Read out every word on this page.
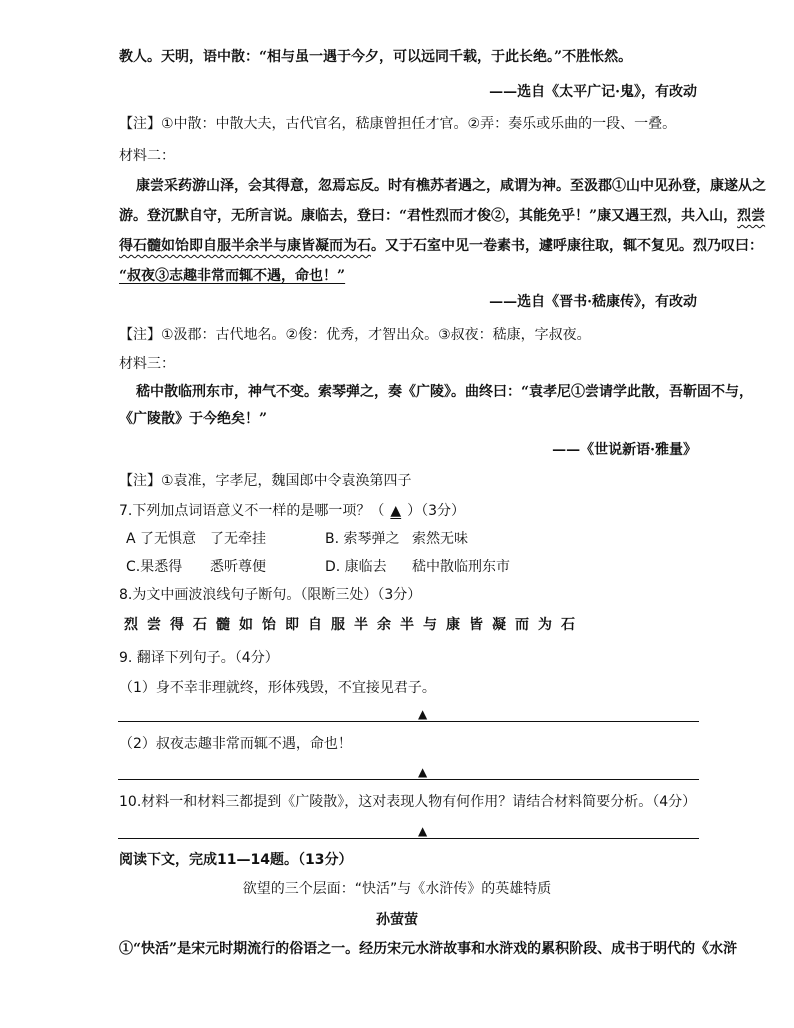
教人。天明，语中散：“相与虽一遇于今夕，可以远同千载，于此长绝。”不胜怅然。
——选自《太平广记·鬼》，有改动
【注】①中散：中散大夫，古代官名，嵇康曾担任才官。②弄：奏乐或乐曲的一段、一叠。
材料二：
康尝采药游山泽，会其得意，忽焉忘反。时有樵苏者遇之，咸谓为神。至汲郡①山中见孙登，康遂从之
游。登沉默自守，无所言说。康临去，登曰：“君性烈而才俊②，其能免乎！”康又遇王烈，共入山，烈尝
得石髓如饴即自服半余半与康皆凝而为石。又于石室中见一卷素书，遽呼康往取，辄不复见。烈乃叹曰：
“叔夜③志趣非常而辄不遇，命也！”
——选自《晋书·嵇康传》，有改动
【注】①汲郡：古代地名。②俊：优秀，才智出众。③叔夜：嵇康，字叔夜。
材料三：
嵇中散临刑东市，神气不变。索琴弹之，奏《广陵》。曲终曰：“袁孝尼①尝请学此散，吾靳固不与，
《广陵散》于今绝矣！”
——《世说新语·雅量》
【注】①袁准，字孝尼，魏国郎中令袁涣第四子
7.下列加点词语意义不一样的是哪一项？（ ▲ ）（3分）
A 了无惧意 了无牵挂	B. 索琴弹之 索然无味
C.果悉得 悉听尊便	D. 康临去 嵇中散临刑东市
8.为文中画波浪线句子断句。（限断三处）（3分）
烈尝得石髓如饴即自服半余半与康皆凝而为石
9. 翻译下列句子。（4分）
（1）身不幸非理就终，形体残毁，不宜接见君子。
▲
（2）叔夜志趣非常而辄不遇，命也！
▲
10.材料一和材料三都提到《广陵散》，这对表现人物有何作用？请结合材料简要分析。（4分）
▲
阅读下文，完成11—14题。（13分）
欲望的三个层面：“快活”与《水浒传》的英雄特质
孙萤萤
①“快活”是宋元时期流行的俗语之一。经历宋元水浒故事和水浒戏的累积阶段、成书于明代的《水浒
